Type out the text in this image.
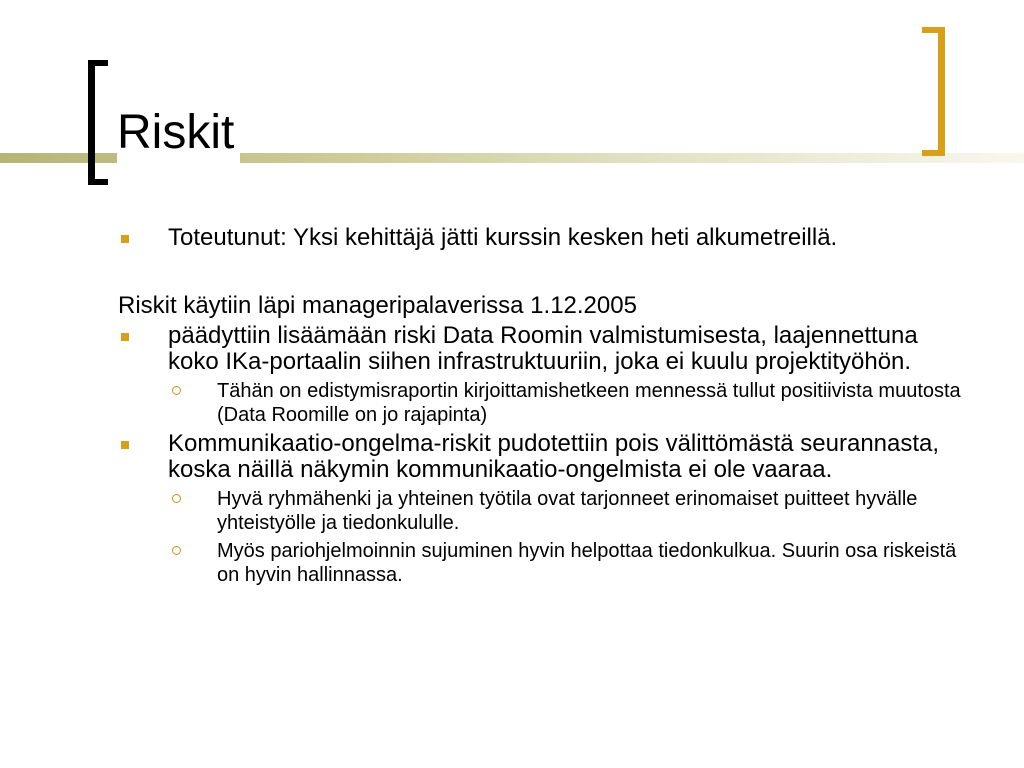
Riskit
Toteutunut: Yksi kehittäjä jätti kurssin kesken heti alkumetreillä.
Riskit käytiin läpi manageripalaverissa 1.12.2005
päädyttiin lisäämään riski Data Roomin valmistumisesta, laajennettuna koko IKa-portaalin siihen infrastruktuuriin, joka ei kuulu projektityöhön.
Tähän on edistymisraportin kirjoittamishetkeen mennessä tullut positiivista muutosta (Data Roomille on jo rajapinta)
Kommunikaatio-ongelma-riskit pudotettiin pois välittömästä seurannasta, koska näillä näkymin kommunikaatio-ongelmista ei ole vaaraa.
Hyvä ryhmähenki ja yhteinen työtila ovat tarjonneet erinomaiset puitteet hyvälle yhteistyölle ja tiedonkululle.
Myös pariohjelmoinnin sujuminen hyvin helpottaa tiedonkulkua. Suurin osa riskeistä on hyvin hallinnassa.
